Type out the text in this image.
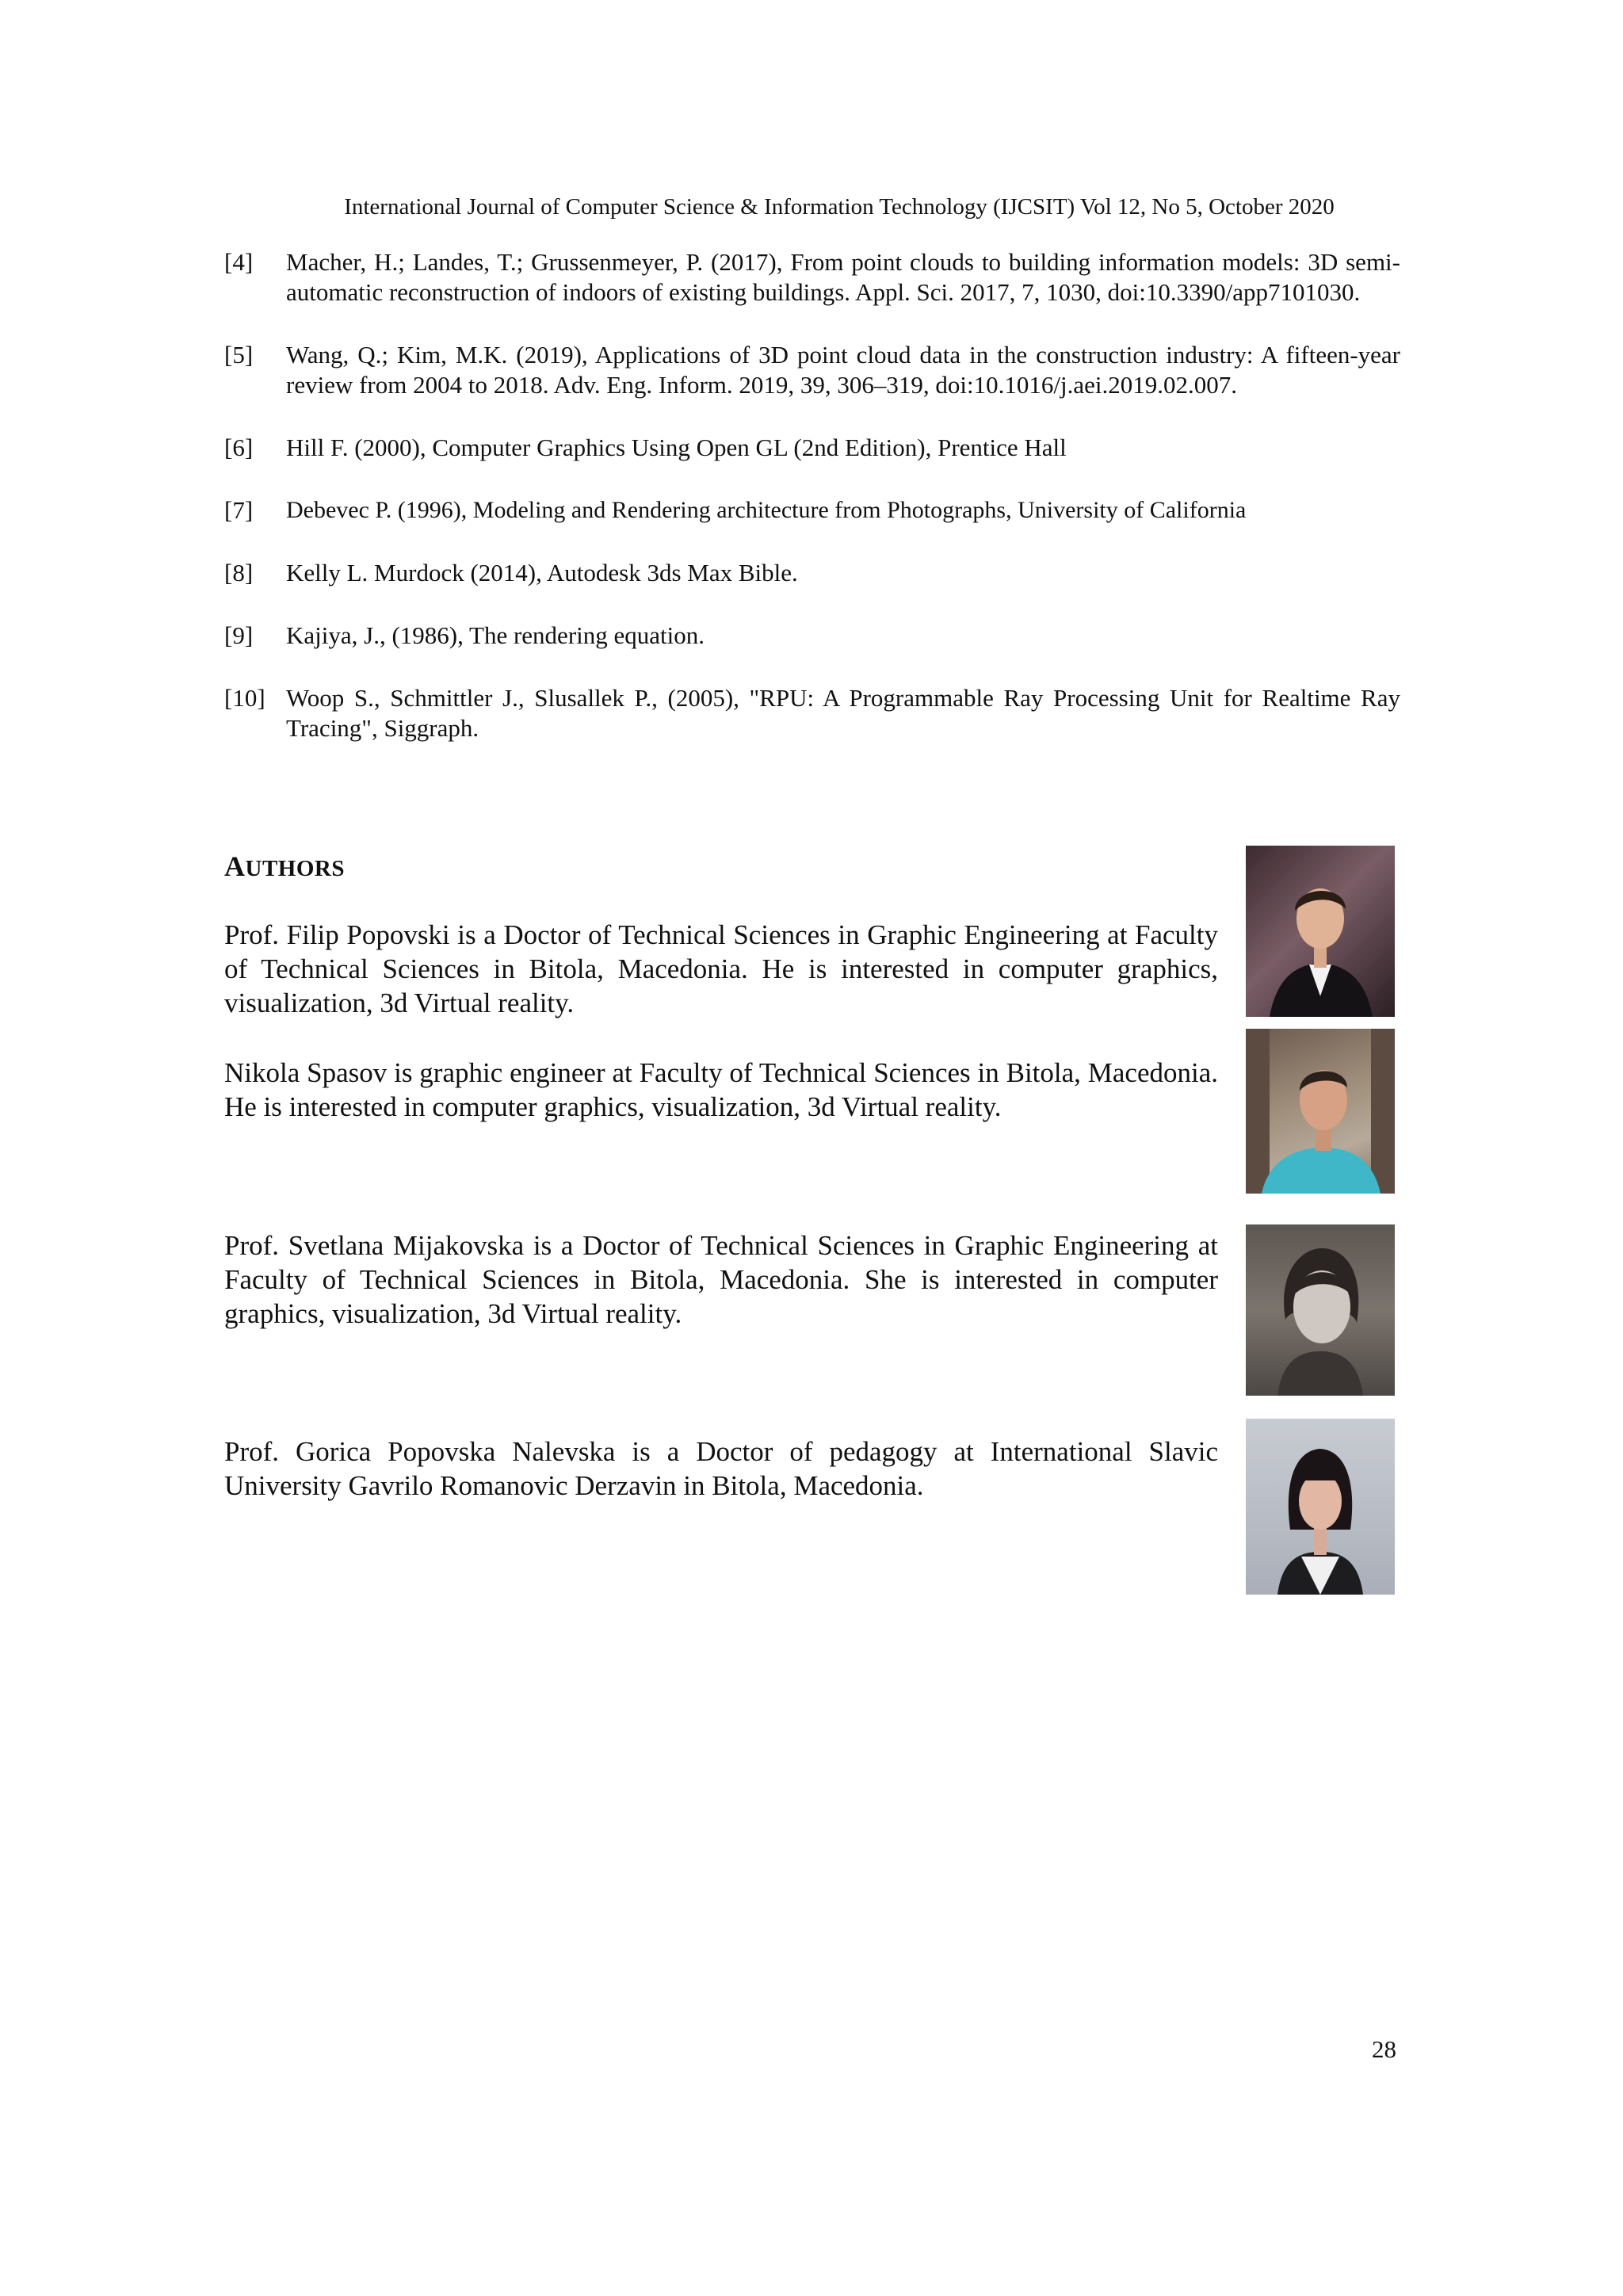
International Journal of Computer Science & Information Technology (IJCSIT) Vol 12, No 5, October 2020
[4]	Macher, H.; Landes, T.; Grussenmeyer, P. (2017), From point clouds to building information models: 3D semi-automatic reconstruction of indoors of existing buildings. Appl. Sci. 2017, 7, 1030, doi:10.3390/app7101030.
[5]	Wang, Q.; Kim, M.K. (2019), Applications of 3D point cloud data in the construction industry: A fifteen-year review from 2004 to 2018. Adv. Eng. Inform. 2019, 39, 306–319, doi:10.1016/j.aei.2019.02.007.
[6]	Hill F. (2000), Computer Graphics Using Open GL (2nd Edition), Prentice Hall
[7]	Debevec P. (1996), Modeling and Rendering architecture from Photographs, University of California
[8]	Kelly L. Murdock (2014), Autodesk 3ds Max Bible.
[9]	Kajiya, J., (1986), The rendering equation.
[10] Woop S., Schmittler J., Slusallek P., (2005), "RPU: A Programmable Ray Processing Unit for Realtime Ray Tracing", Siggraph.
AUTHORS
Prof. Filip Popovski is a Doctor of Technical Sciences in Graphic Engineering at Faculty of Technical Sciences in Bitola, Macedonia. He is interested in computer graphics, visualization, 3d Virtual reality.
Nikola Spasov is graphic engineer at Faculty of Technical Sciences in Bitola, Macedonia. He is interested in computer graphics, visualization, 3d Virtual reality.
Prof. Svetlana Mijakovska is a Doctor of Technical Sciences in Graphic Engineering at Faculty of Technical Sciences in Bitola, Macedonia. She is interested in computer graphics, visualization, 3d Virtual reality.
Prof. Gorica Popovska Nalevska is a Doctor of pedagogy at International Slavic University Gavrilo Romanovic Derzavin in Bitola, Macedonia.
28
